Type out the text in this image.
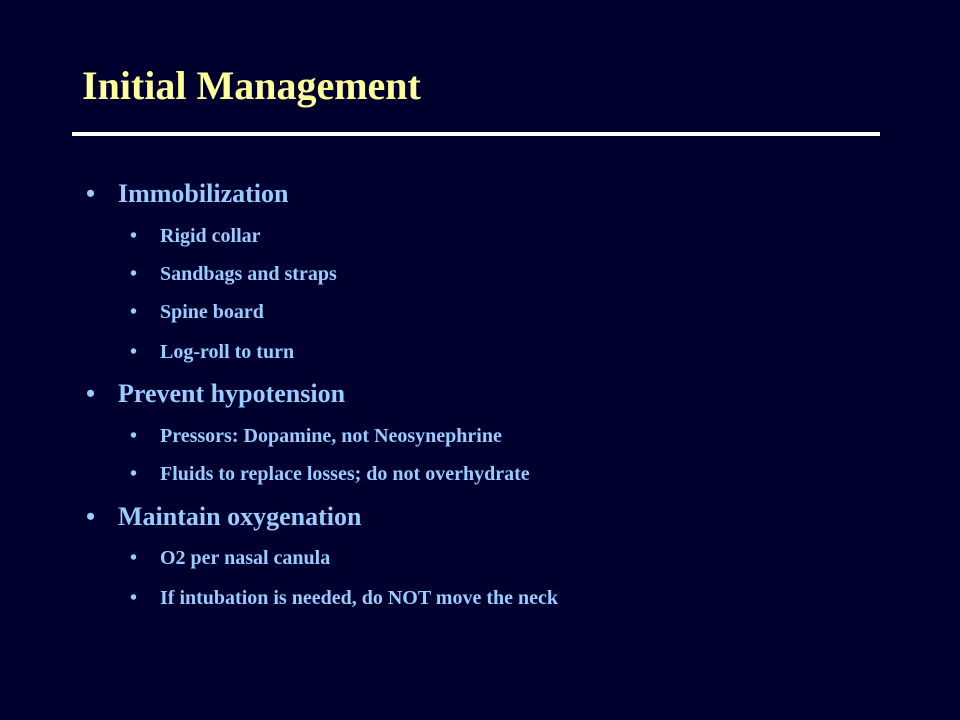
Initial Management
• Immobilization
• Rigid collar
• Sandbags and straps
• Spine board
• Log-roll to turn
• Prevent hypotension
• Pressors: Dopamine, not Neosynephrine
• Fluids to replace losses; do not overhydrate
• Maintain oxygenation
• O2 per nasal canula
• If intubation is needed, do NOT move the neck
